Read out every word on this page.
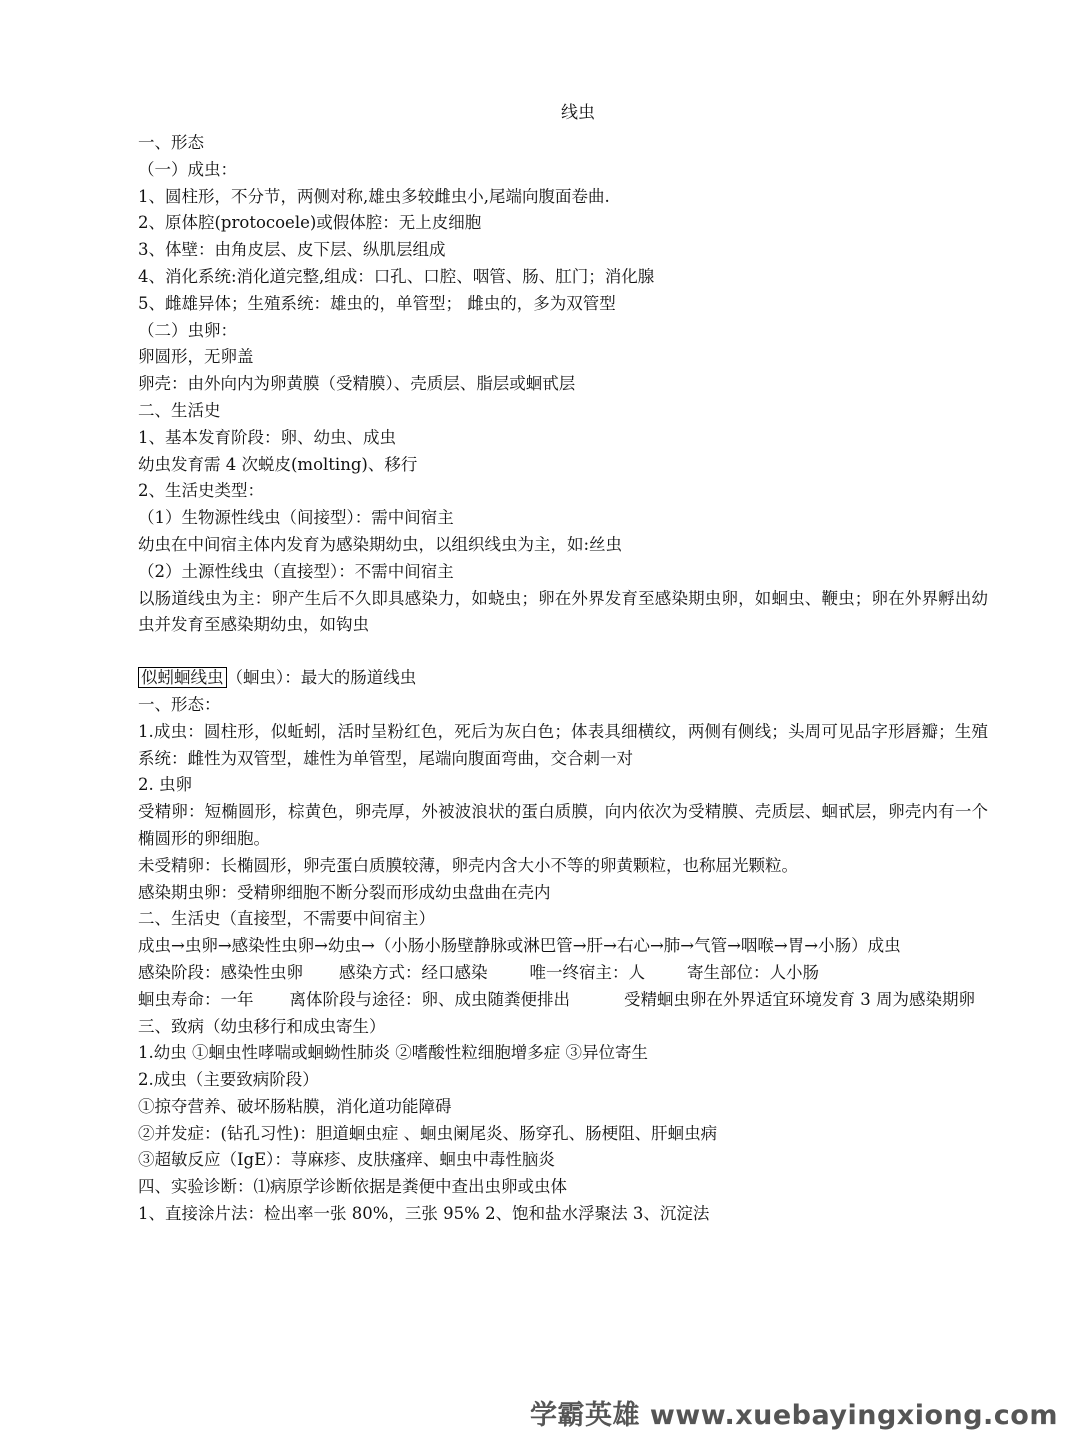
线虫
一、形态
（一）成虫：
1、圆柱形，不分节，两侧对称,雄虫多较雌虫小,尾端向腹面卷曲.
2、原体腔(protocoele)或假体腔：无上皮细胞
3、体壁：由角皮层、皮下层、纵肌层组成
4、消化系统:消化道完整,组成：口孔、口腔、咽管、肠、肛门；消化腺
5、雌雄异体；生殖系统：雄虫的，单管型； 雌虫的，多为双管型
（二）虫卵：
卵圆形，无卵盖
卵壳：由外向内为卵黄膜（受精膜）、壳质层、脂层或蛔甙层
二、生活史
1、基本发育阶段：卵、幼虫、成虫
幼虫发育需 4 次蜕皮(molting)、移行
2、生活史类型：
（1）生物源性线虫（间接型）：需中间宿主
幼虫在中间宿主体内发育为感染期幼虫，以组织线虫为主，如:丝虫
（2）土源性线虫（直接型）：不需中间宿主
以肠道线虫为主：卵产生后不久即具感染力，如蛲虫；卵在外界发育至感染期虫卵，如蛔虫、鞭虫；卵在外界孵出幼虫并发育至感染期幼虫，如钩虫
似蚓蛔线虫 （蛔虫）：最大的肠道线虫
一、形态：
1.成虫：圆柱形，似蚯蚓，活时呈粉红色，死后为灰白色；体表具细横纹，两侧有侧线；头周可见品字形唇瓣；生殖系统：雌性为双管型，雄性为单管型，尾端向腹面弯曲，交合刺一对
2. 虫卵
受精卵：短椭圆形，棕黄色，卵壳厚，外被波浪状的蛋白质膜，向内依次为受精膜、壳质层、蛔甙层，卵壳内有一个椭圆形的卵细胞。
未受精卵：长椭圆形，卵壳蛋白质膜较薄，卵壳内含大小不等的卵黄颗粒，也称屈光颗粒。
感染期虫卵：受精卵细胞不断分裂而形成幼虫盘曲在壳内
二、生活史（直接型，不需要中间宿主）
成虫→虫卵→感染性虫卵→幼虫→（小肠小肠壁静脉或淋巴管→肝→右心→肺→气管→咽喉→胃→小肠）成虫
感染阶段：感染性虫卵 感染方式：经口感染	唯一终宿主：人	寄生部位：人小肠
蛔虫寿命：一年 离体阶段与途径：卵、成虫随粪便排出	受精蛔虫卵在外界适宜环境发育 3 周为感染期卵
三、致病（幼虫移行和成虫寄生）
1.幼虫 ①蛔虫性哮喘或蛔蚴性肺炎 ②嗜酸性粒细胞增多症 ③异位寄生
2.成虫（主要致病阶段）
①掠夺营养、破坏肠粘膜，消化道功能障碍
②并发症：(钻孔习性)：胆道蛔虫症 、蛔虫阑尾炎、肠穿孔、肠梗阻、肝蛔虫病
③超敏反应（IgE）：荨麻疹、皮肤瘙痒、蛔虫中毒性脑炎
四、实验诊断：⑴病原学诊断依据是粪便中查出虫卵或虫体
1、直接涂片法：检出率一张 80%，三张 95% 2、饱和盐水浮聚法 3、沉淀法
学霸英雄 www.xuebayingxiong.com
